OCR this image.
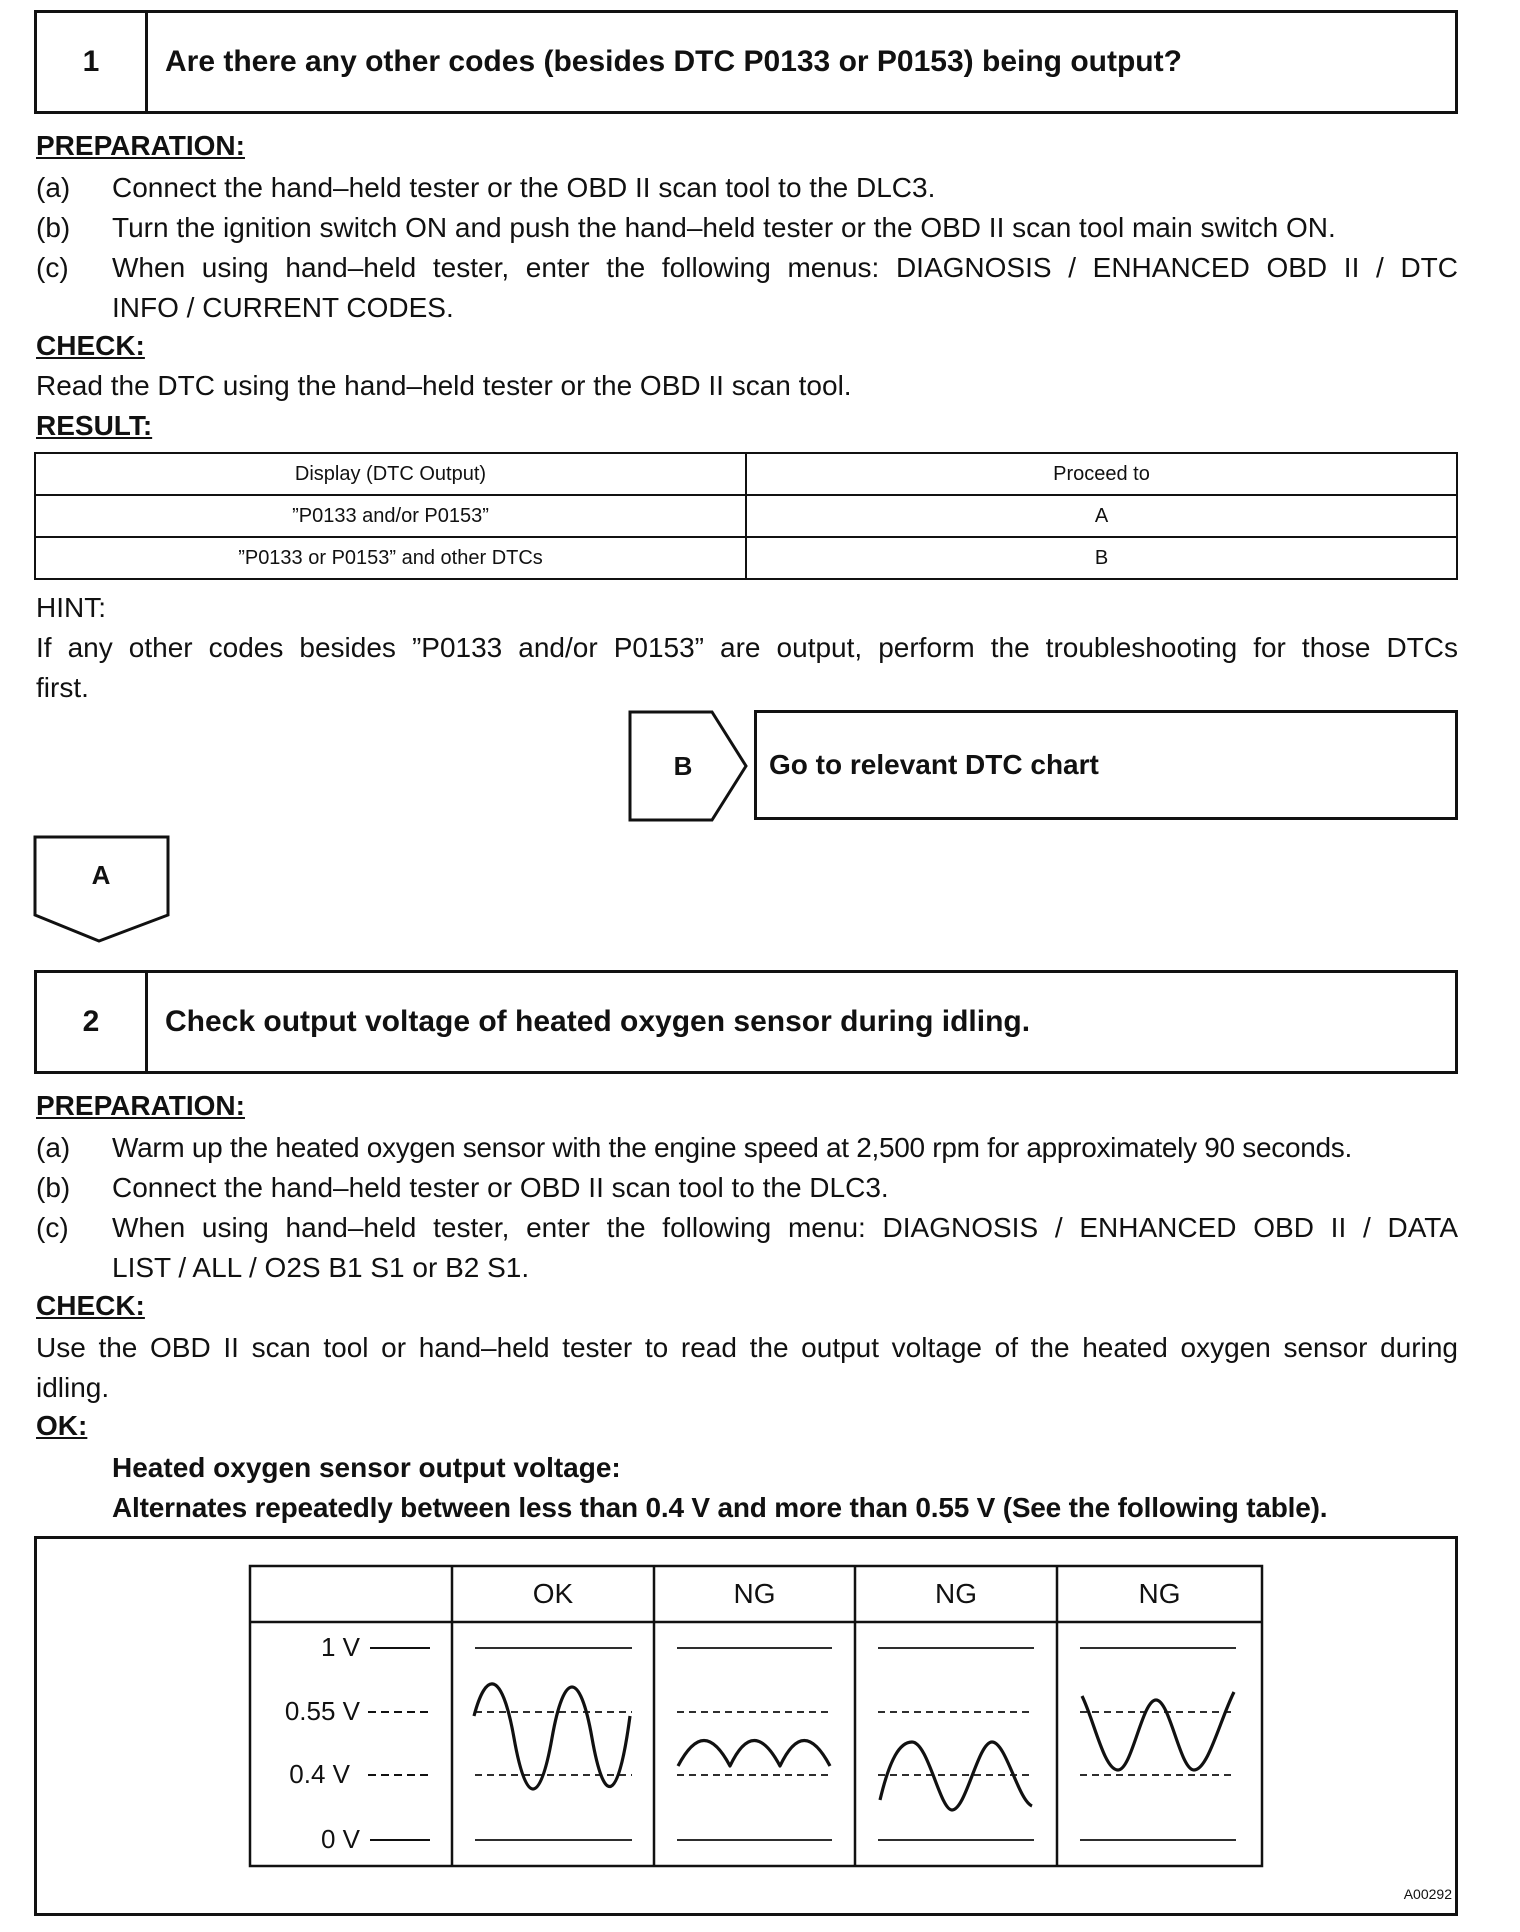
1	Are there any other codes (besides DTC P0133 or P0153) being output?
PREPARATION:
(a) Connect the hand–held tester or the OBD II scan tool to the DLC3.
(b) Turn the ignition switch ON and push the hand–held tester or the OBD II scan tool main switch ON.
(c) When using hand–held tester, enter the following menus: DIAGNOSIS / ENHANCED OBD II / DTC
INFO / CURRENT CODES.
CHECK:
Read the DTC using the hand–held tester or the OBD II scan tool.
RESULT:
Display (DTC Output)	Proceed to
”P0133 and/or P0153”	A
”P0133 or P0153” and other DTCs	B
HINT:
If any other codes besides ”P0133 and/or P0153” are output, perform the troubleshooting for those DTCs
first.
B	Go to relevant DTC chart
A
2	Check output voltage of heated oxygen sensor during idling.
PREPARATION:
(a) Warm up the heated oxygen sensor with the engine speed at 2,500 rpm for approximately 90 seconds.
(b) Connect the hand–held tester or OBD II scan tool to the DLC3.
(c) When using hand–held tester, enter the following menu: DIAGNOSIS / ENHANCED OBD II / DATA
LIST / ALL / O2S B1 S1 or B2 S1.
CHECK:
Use the OBD II scan tool or hand–held tester to read the output voltage of the heated oxygen sensor during
idling.
OK:
Heated oxygen sensor output voltage:
Alternates repeatedly between less than 0.4 V and more than 0.55 V (See the following table).
OK	NG	NG	NG
1 V
0.55 V
0.4 V
0 V
A00292
